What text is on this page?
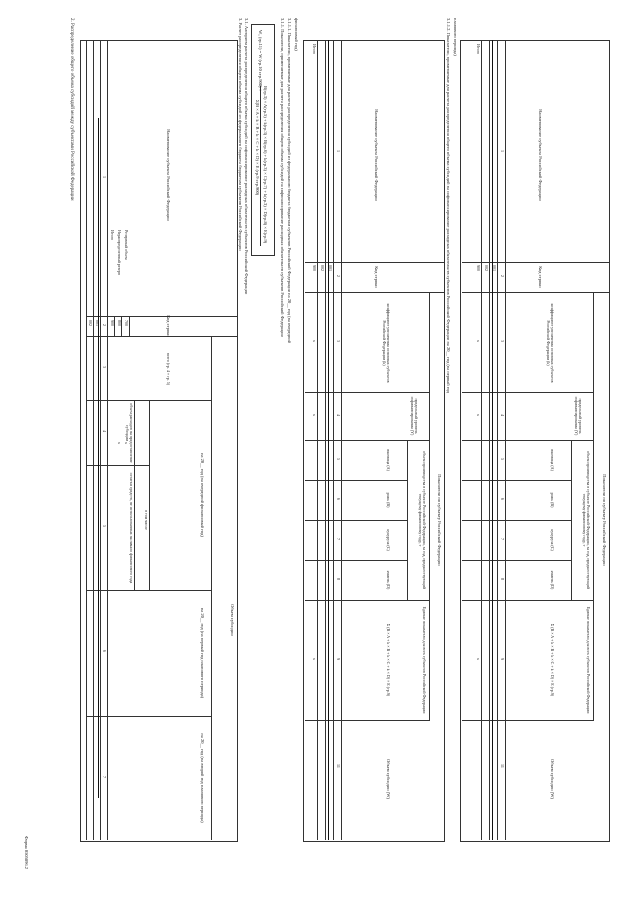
Форма 0505896.2
2. Распределение общего объема субсидий между субъектами Российской Федерации	Наименование субъекта Российской Федерации
Код строки
Объем субсидии
на 20__ год (на очередной финансовый год)
на 20__ год (на первый год планового периода)
на 20__ год (на второй год планового периода)
всего (гр. 4 + гр. 5)
в том числе
объем расходов на предоставление субсидии
остатки средств, не использованных на начало финансового года
1
2
3
4
5
6
7
001
002
Резервный объем
Нераспределенный резерв
Итого
700
800
900
x
x
3. Расчет распределения общего объема субсидий из федерального бюджета бюджетам субъектов Российской Федерации 3.1. Алгоритм расчета распределения общего объема субсидий на софинансирование расходных обязательств субъектов Российской Федерации W₁ (гр.11) = W (гр.10 стр.900) ×
B(гр.3) × A(гр.5) + k(гр.3) × B(гр.6) + k(гр.3) × C(гр.7) + k(гр.3) × D(гр.8) × E(гр.9)
Σ(B × A + k × B + k × C + k × D) × E (гр.9 стр.900)	3.1.1. Показатели, применяемые для расчета распределения общего объема субсидий на софинансирование расходных обязательств субъектов Российской Федерации 3.1.1.1. Показатели, применяемые для расчета распределения субсидий из федерального бюджета бюджетам субъектов Российской Федерации на 20__ год (на очередной финансовый год)
Наименование субъекта Российской Федерации
Код строки
Показатели по субъекту Российской Федерации
Объем субсидии (W)
коэффициент увеличения основных субъектов Российской Федерации (k)
предельный уровень софинансирования (Y)
объем производства в субъекте Российской Федерации, за год, предшествующий текущему финансовому году, т
пшеница (A)
рожь (B)
кукуруза (C)
ячмень (D)
Единые показатели для всех субъектов Российской Федерации
Σ (B × A + k × B + k × C + k × D) × E (гр.9)
1
2
3
4
5
6
7
8
9
11
001
002
900
Итого
x
x
x
3.1.1.2. Показатели, применяемые для расчета распределения общего объема субсидий на софинансирование расходных обязательств субъектов Российской Федерации на 20__ год (на первый год планового периода)
Наименование субъекта Российской Федерации
Код строки
Показатели по субъекту Российской Федерации
Объем субсидии (W)
коэффициент увеличения основных субъектов Российской Федерации (k)
предельный уровень софинансирования (Y)
объем производства в субъекте Российской Федерации, за год, предшествующий текущему финансовому году, т
пшеница (A)
рожь (B)
кукуруза (C)
ячмень (D)
Единые показатели для всех субъектов Российской Федерации
Σ (B × A + k × B + k × C + k × D) × E (гр.9)
1
2
3
4
5
6
7
8
9
11
001
002
900
Итого
x
x
x
